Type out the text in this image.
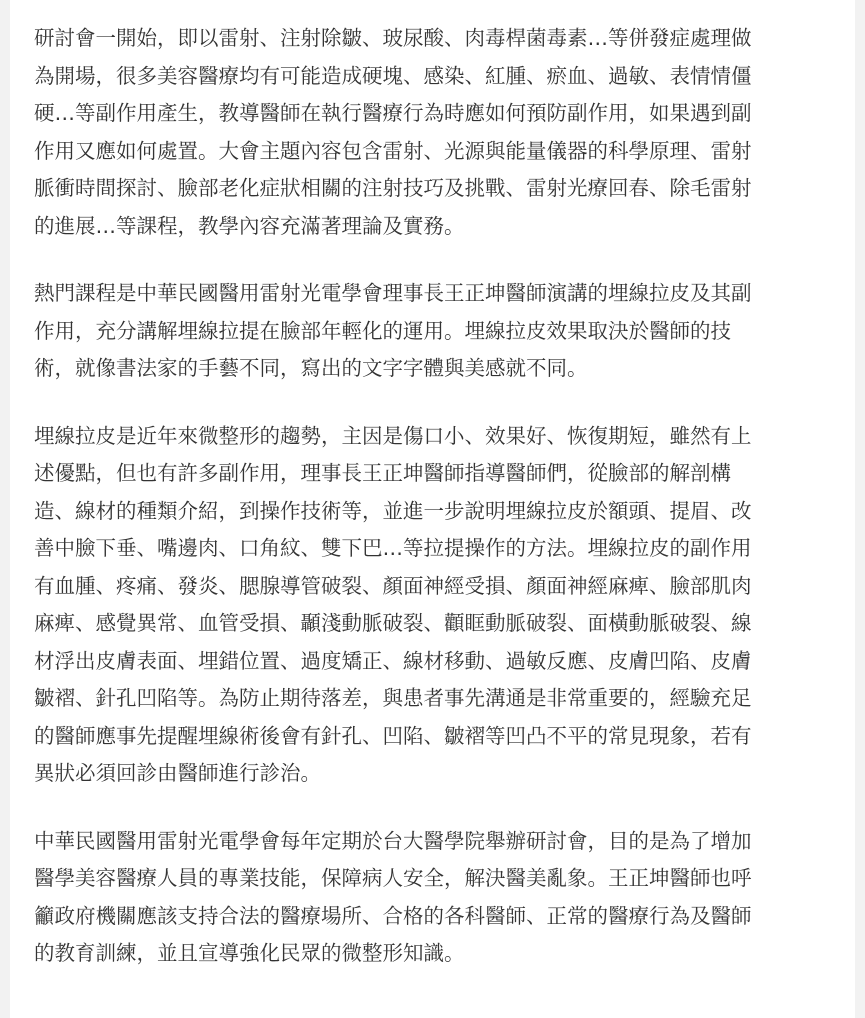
研討會一開始，即以雷射、注射除皺、玻尿酸、肉毒桿菌毒素…等併發症處理做
為開場，很多美容醫療均有可能造成硬塊、感染、紅腫、瘀血、過敏、表情情僵
硬…等副作用產生，教導醫師在執行醫療行為時應如何預防副作用，如果遇到副
作用又應如何處置。大會主題內容包含雷射、光源與能量儀器的科學原理、雷射
脈衝時間探討、臉部老化症狀相關的注射技巧及挑戰、雷射光療回春、除毛雷射
的進展…等課程，教學內容充滿著理論及實務。

熱門課程是中華民國醫用雷射光電學會理事長王正坤醫師演講的埋線拉皮及其副
作用，充分講解埋線拉提在臉部年輕化的運用。埋線拉皮效果取決於醫師的技
術，就像書法家的手藝不同，寫出的文字字體與美感就不同。

埋線拉皮是近年來微整形的趨勢，主因是傷口小、效果好、恢復期短，雖然有上
述優點，但也有許多副作用，理事長王正坤醫師指導醫師們，從臉部的解剖構
造、線材的種類介紹，到操作技術等，並進一步說明埋線拉皮於額頭、提眉、改
善中臉下垂、嘴邊肉、口角紋、雙下巴…等拉提操作的方法。埋線拉皮的副作用
有血腫、疼痛、發炎、腮腺導管破裂、顏面神經受損、顏面神經麻痺、臉部肌肉
麻痺、感覺異常、血管受損、顳淺動脈破裂、顴眶動脈破裂、面橫動脈破裂、線
材浮出皮膚表面、埋錯位置、過度矯正、線材移動、過敏反應、皮膚凹陷、皮膚
皺褶、針孔凹陷等。為防止期待落差，與患者事先溝通是非常重要的，經驗充足
的醫師應事先提醒埋線術後會有針孔、凹陷、皺褶等凹凸不平的常見現象，若有
異狀必須回診由醫師進行診治。

中華民國醫用雷射光電學會每年定期於台大醫學院舉辦研討會，目的是為了增加
醫學美容醫療人員的專業技能，保障病人安全，解決醫美亂象。王正坤醫師也呼
籲政府機關應該支持合法的醫療場所、合格的各科醫師、正常的醫療行為及醫師
的教育訓練，並且宣導強化民眾的微整形知識。
